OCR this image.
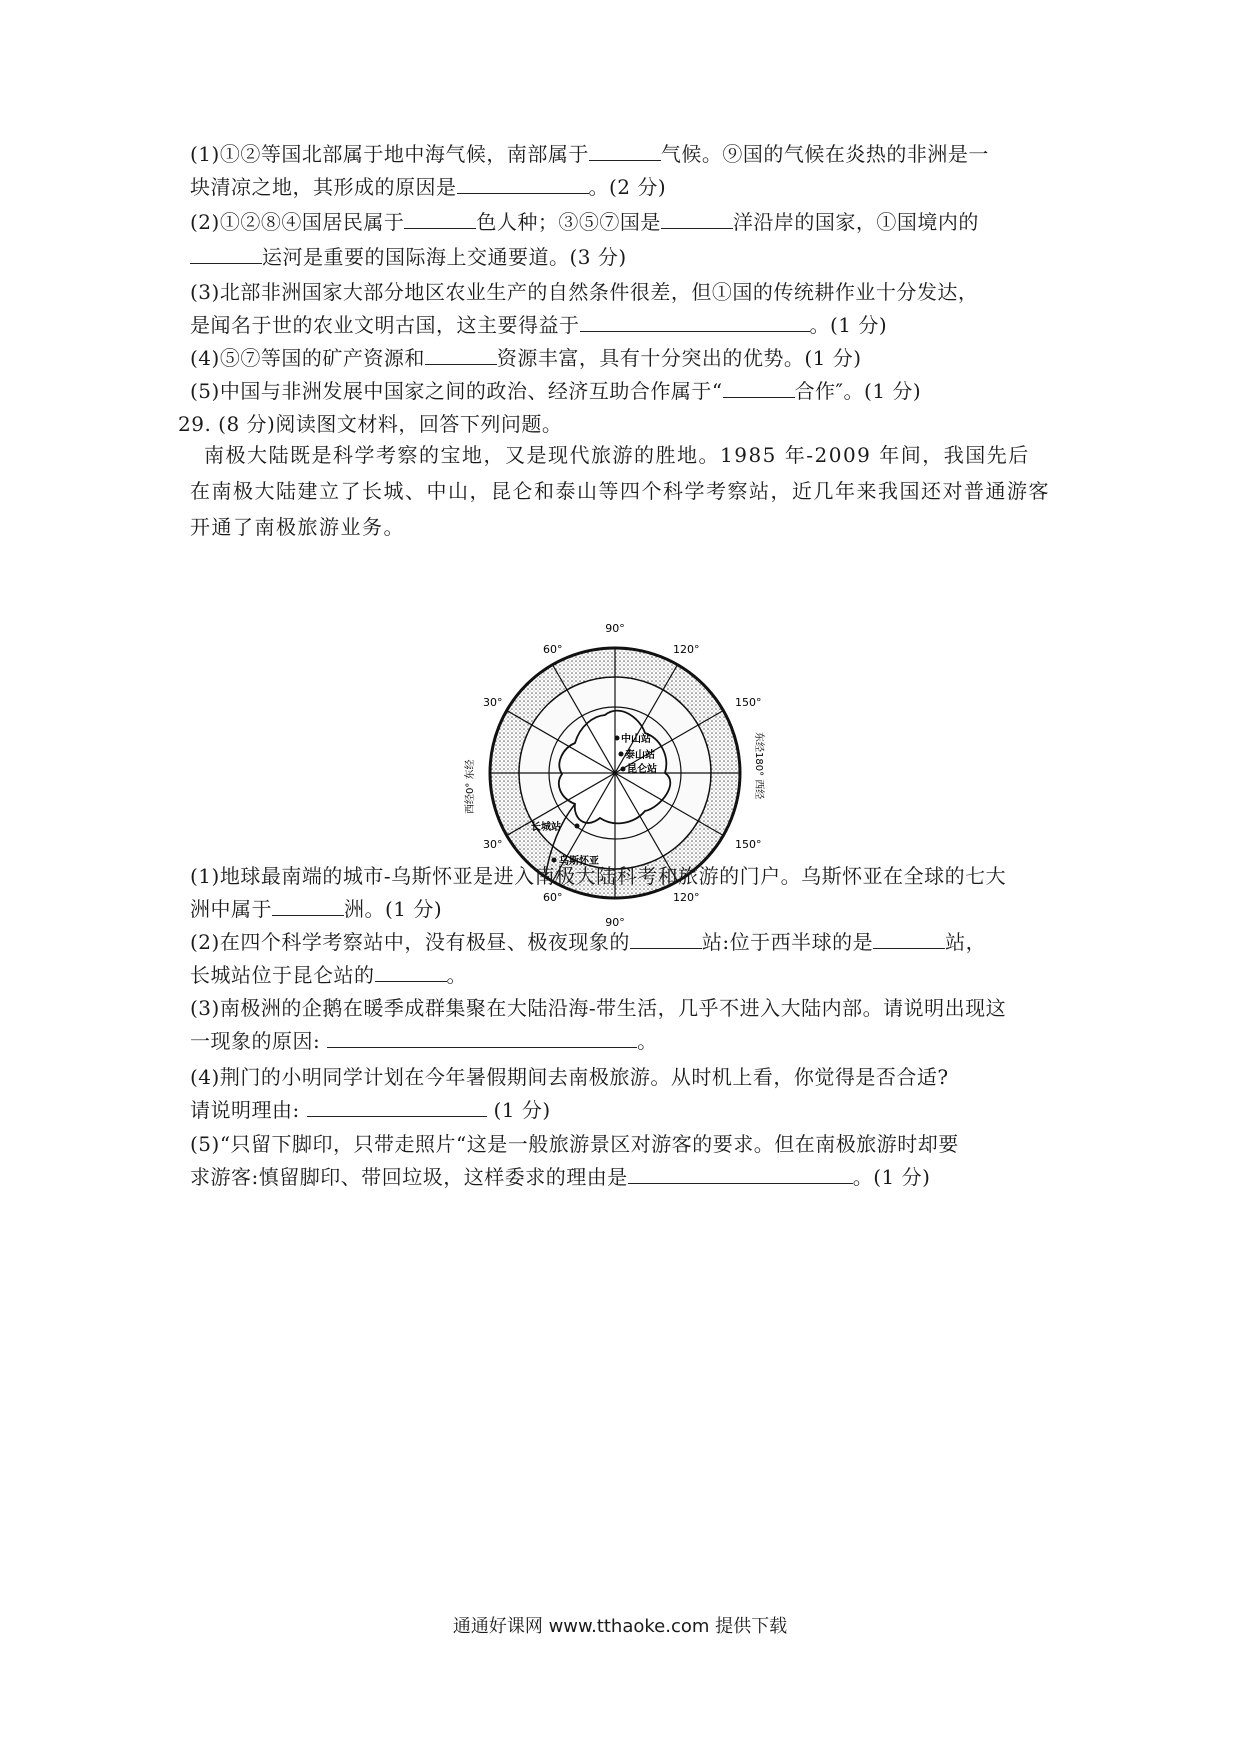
(1)①②等国北部属于地中海气候，南部属于	气候。⑨国的气候在炎热的非洲是一
块清凉之地，其形成的原因是	。(2 分)
(2)①②⑧④国居民属于	色人种；③⑤⑦国是	洋沿岸的国家，①国境内的
运河是重要的国际海上交通要道。(3 分)
(3)北部非洲国家大部分地区农业生产的自然条件很差，但①国的传统耕作业十分发达，
是闻名于世的农业文明古国，这主要得益于	。(1 分)
(4)⑤⑦等国的矿产资源和	资源丰富，具有十分突出的优势。(1 分)
(5)中国与非洲发展中国家之间的政治、经济互助合作属于“	合作″。(1 分)
29. (8 分)阅读图文材料，回答下列问题。
南极大陆既是科学考察的宝地，又是现代旅游的胜地。1985 年-2009 年间，我国先后在南极大陆建立了长城、中山，昆仑和泰山等四个科学考察站，近几年来我国还对普通游客开通了南极旅游业务。
90°
90°
60°	120°
30°	150°
30°	150°
60°	120°
西经0° 东经	东经180° 西经
中山站
泰山站
昆仑站
长城站
乌斯怀亚
(1)地球最南端的城市-乌斯怀亚是进入南极大陆科考和旅游的门户。乌斯怀亚在全球的七大
洲中属于	洲。(1 分)
(2)在四个科学考察站中，没有极昼、极夜现象的	站:位于西半球的是	站，
长城站位于昆仑站的	。
(3)南极洲的企鹅在暖季成群集聚在大陆沿海-带生活，几乎不进入大陆内部。请说明出现这
一现象的原因:	。
(4)荆门的小明同学计划在今年暑假期间去南极旅游。从时机上看，你觉得是否合适?
请说明理由:	(1 分)
(5)“只留下脚印，只带走照片“这是一般旅游景区对游客的要求。但在南极旅游时却要
求游客:慎留脚印、带回垃圾，这样委求的理由是	。(1 分)
通通好课网 www.tthaoke.com 提供下载
